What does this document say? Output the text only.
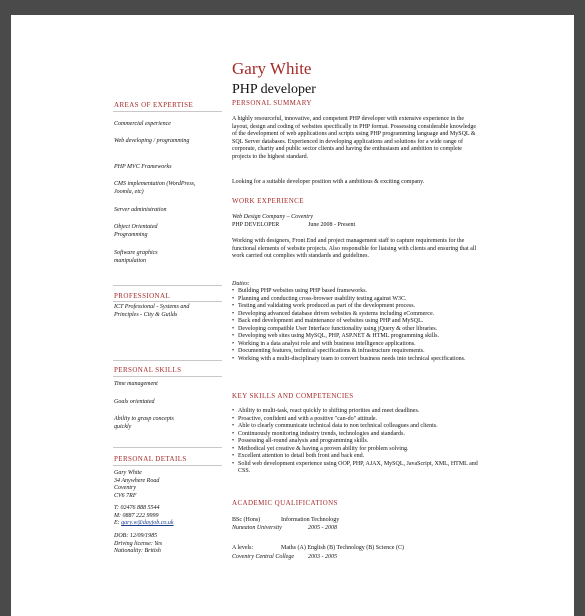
Gary White
PHP developer
AREAS OF EXPERTISE
Commercial experience
Web developing / programming
PHP MVC Frameworks
CMS implementation (WordPress, Joomla, etc)
Server administration
Object Orientated Programming
Software graphics manipulation
PROFESSIONAL
ICT Professional - Systems and Principles - City & Guilds
PERSONAL SKILLS
Time management
Goals orientated
Ability to grasp concepts quickly
PERSONAL DETAILS
Gary White
34 Anywhere Road
Coventry
CV6 7RF
T: 02476 888 5544
M: 0887 222 9999
E: gary.w@dayjob.co.uk
DOB: 12/09/1985
Driving license: Yes
Nationality: British
PERSONAL SUMMARY
A highly resourceful, innovative, and competent PHP developer with extensive experience in the layout, design and coding of websites specifically in PHP format. Possessing considerable knowledge of the development of web applications and scripts using PHP programming language and MySQL & SQL Server databases. Experienced in developing applications and solutions for a wide range of corporate, charity and public sector clients and having the enthusiasm and ambition to complete projects to the highest standard.
Looking for a suitable developer position with a ambitious & exciting company.
WORK EXPERIENCE
Web Design Company – Coventry
PHP DEVELOPER	June 2008 - Present
Working with designers, Front End and project management staff to capture requirements for the functional elements of website projects. Also responsible for liaising with clients and ensuring that all work carried out complies with standards and guidelines.
Duties:
• Building PHP websites using PHP based frameworks.
• Planning and conducting cross-browser usability testing against W3C.
• Testing and validating work produced as part of the development process.
• Developing advanced database driven websites & systems including eCommerce.
• Back end development and maintenance of websites using PHP and MySQL.
• Developing compatible User Interface functionality using jQuery & other libraries.
• Developing web sites using MySQL, PHP, ASP.NET & HTML programming skills.
• Working in a data analyst role and with business intelligence applications.
• Documenting features, technical specifications & infrastructure requirements.
• Working with a multi-disciplinary team to convert business needs into technical specifications.
KEY SKILLS AND COMPETENCIES
• Ability to multi-task, react quickly to shifting priorities and meet deadlines.
• Proactive, confident and with a positive "can-do" attitude.
• Able to clearly communicate technical data to non technical colleagues and clients.
• Continuously monitoring industry trends, technologies and standards.
• Possessing all-round analysis and programming skills.
• Methodical yet creative & having a proven ability for problem solving.
• Excellent attention to detail both front and back end.
• Solid web development experience using OOP, PHP, AJAX, MySQL, JavaScript, XML, HTML and CSS.
ACADEMIC QUALIFICATIONS
BSc (Hons)	Information Technology
Nuneaton University	2005 - 2008
A levels:	Maths (A) English (B) Technology (B) Science (C)
Coventry Central College 2003 - 2005
